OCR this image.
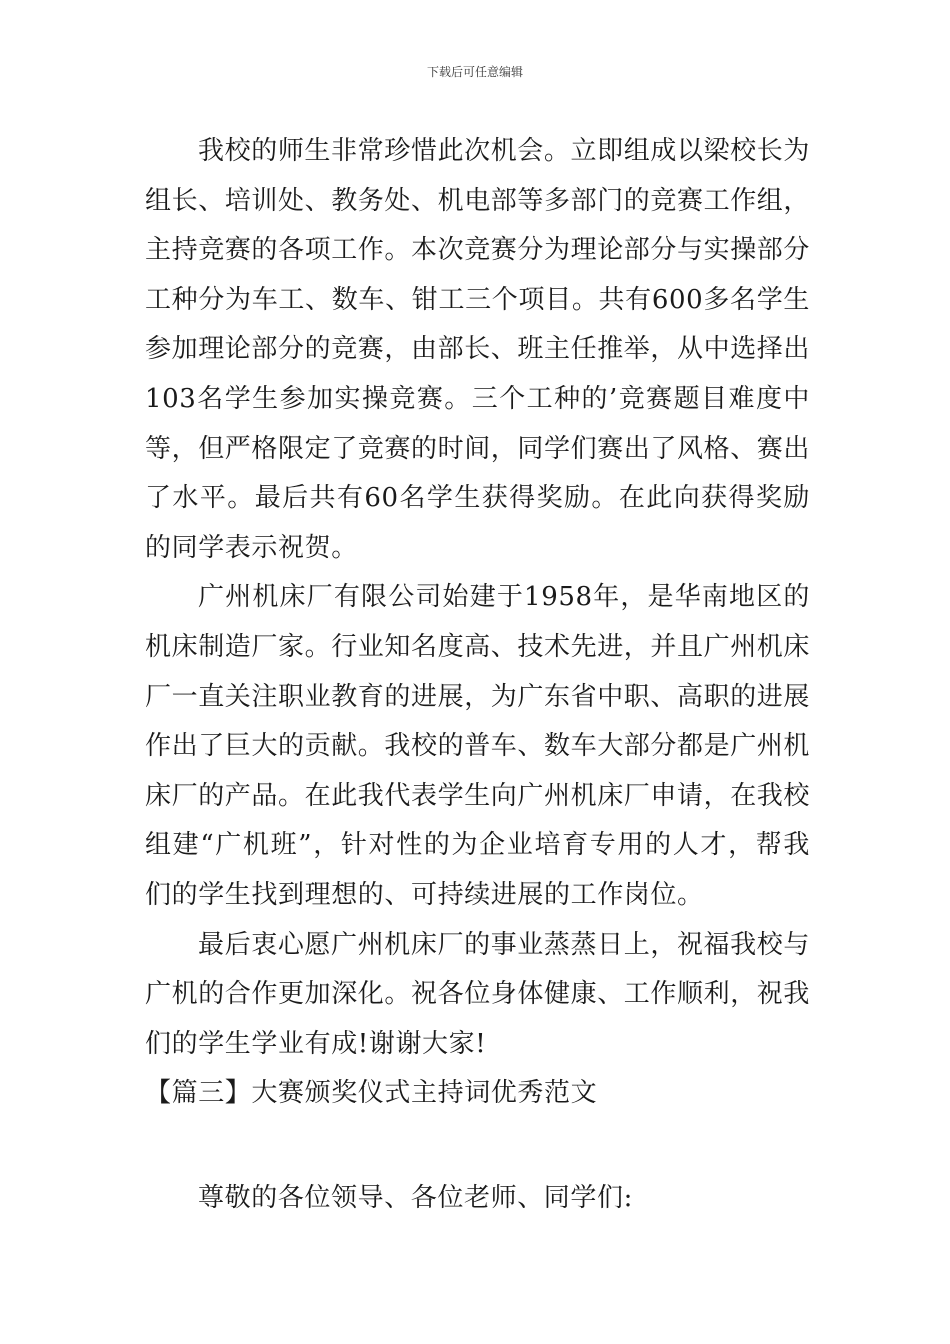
下载后可任意编辑

我校的师生非常珍惜此次机会。立即组成以梁校长为组长、培训处、教务处、机电部等多部门的竞赛工作组，主持竞赛的各项工作。本次竞赛分为理论部分与实操部分工种分为车工、数车、钳工三个项目。共有600多名学生参加理论部分的竞赛，由部长、班主任推举，从中选择出103名学生参加实操竞赛。三个工种的’竞赛题目难度中等，但严格限定了竞赛的时间，同学们赛出了风格、赛出了水平。最后共有60名学生获得奖励。在此向获得奖励的同学表示祝贺。

广州机床厂有限公司始建于1958年，是华南地区的机床制造厂家。行业知名度高、技术先进，并且广州机床厂一直关注职业教育的进展，为广东省中职、高职的进展作出了巨大的贡献。我校的普车、数车大部分都是广州机床厂的产品。在此我代表学生向广州机床厂申请，在我校组建“广机班”，针对性的为企业培育专用的人才，帮我们的学生找到理想的、可持续进展的工作岗位。

最后衷心愿广州机床厂的事业蒸蒸日上，祝福我校与广机的合作更加深化。祝各位身体健康、工作顺利，祝我们的学生学业有成!谢谢大家!

【篇三】大赛颁奖仪式主持词优秀范文

尊敬的各位领导、各位老师、同学们:
